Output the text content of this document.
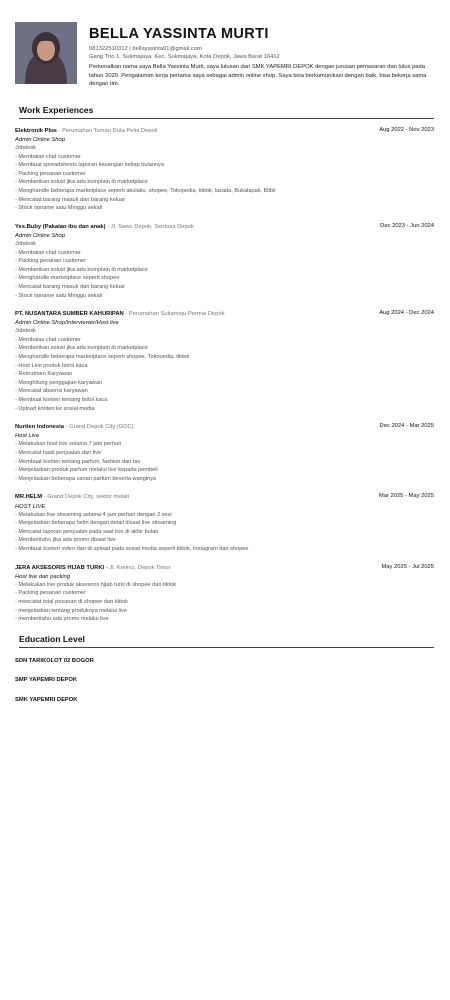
BELLA YASSINTA MURTI
081322510312 | bellayasinta01@gmail.com
Gang Trio 1, Sukmajaya, Kec. Sukmajaya, Kota Depok, Jawa Barat 16412
Perkenalkan nama saya Bella Yassinta Murti, saya lulusan dari SMK YAPEMRI DEPOK dengan jurusan pemasaran dan lulus pada tahun 2020. Pengalaman kerja pertama saya sebagai admin online shop. Saya bisa berkomunikasi dengan baik, bisa bekerja sama dengan tim.
Work Experiences
Elektronik Plus - Perumahan Taman Duta Pelni Depok	Aug 2022 - Nov 2023
Admin Online Shop
Jobdesk
- Membalas chat customer
- Membuat spreadsheets laporan keuangan setiap bulannya
- Packing pesanan customer
- Memberikan solusi jika ada komplain di marketplace
- Menghandle beberapa marketplace seperti akulaku, shopee, Tokopedia, tiktok, lazada, Bukalapak, Blibli
- Mencatat barang masuk dan barang keluar
- Stock opname satu Minggu sekali
Yes.Buby (Pakaian ibu dan anak) - Jl. Sawo Depok, Sentosa Depok	Dec 2023 - Jun 2024
Admin Online Shop
Jobdesk
- Membalas chat customer
- Packing pesanan customer
- Memberikan solusi jika ada komplain di marketplace
- Menghandle marketplace seperti shopee
- Mencatat barang masuk dan barang keluar
- Stock opname satu Minggu sekali
PT. NUSANTARA SUMBER KAHURIPAN - Perumahan Sukamaju Permai Depok	Aug 2024 - Dec 2024
Admin Online Shop/Interviewer/Host live
Jobdesk
- Membalas chat customer
- Memberikan solusi jika ada komplain di marketplace
- Menghandle beberapa marketplace seperti shopee, Tokouedia, tiktok
- Host Live produk botol kaca
- Rekrutmen Karyawan
- Menghitung penggajian karyawan
- Mencatat absensi karyawan
- Membuat konten tentang botol kaca
- Upload konten ke sosial media
Nurtien Indonesia - Grand Depok City (GDC)	Dec 2024 - Mar 2025
Host Live
- Melakukan host live selama 7 jam perhari
- Mencatat hasil penjualan dari live
- Membuat konten tentang parfum, fashion dan tas
- Menjelaskan produk parfum melalui live kepada pembeli
- Menjelaskan beberapa varian parfum beserta wanginya
MR.HELM - Grand Depok City, sektor melati	Mar 2025 - May 2025
HOST LIVE
- Melakukan live streaming selama 4 jam perhari dengan 2 sesi
- Menjelaskan beberapa helm dengan detail disaat live streaming
- Mencatat laporan penjualan pada saat live di akhir bulan
- Memberitahu jika ada promo disaat live
- Membuat konten video dan di upload pada sosial media seperti tiktok, Instagram dan shopee
JERA AKSESORIS HIJAB TURKI - Jl. Kerinci, Depok Timur	May 2025 - Jul 2025
Host live dan packing
- Melakukan live produk aksesoris hijab turki di shopee dan tiktok
- Packing pesanan customer
- mencatat total pesanan di shopee dan tiktok
- menjelaskan tentang produknya melalui live
- memberitahu ada promo melalui live
Education Level
SDN TARIKOLOT 02 BOGOR
SMP YAPEMRI DEPOK
SMK YAPEMRI DEPOK
